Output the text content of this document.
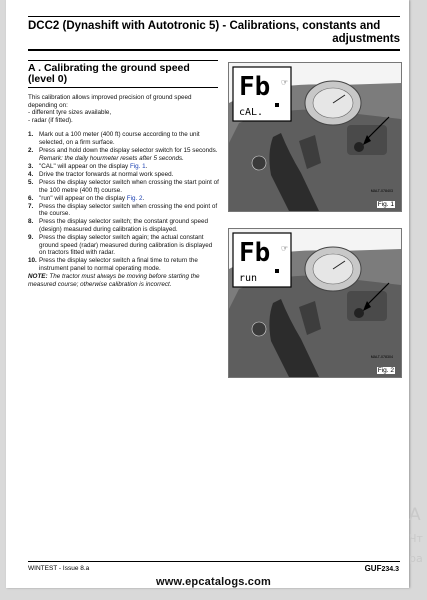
DCC2 (Dynashift with Autotronic 5) - Calibrations, constants and
adjustments
A . Calibrating the ground speed
(level 0)

This calibration allows improved precision of ground speed depending on:

- different tyre sizes available,

- radar (if fitted).

1. Mark out a 100 meter (400 ft) course according to the unit selected, on a firm surface.
2. Press and hold down the display selector switch for 15 seconds.
Remark: the daily hourmeter resets after 5 seconds.
3. "CAL" will appear on the display Fig. 1.
4. Drive the tractor forwards at normal work speed.
5. Press the display selector switch when crossing the start point of the 100 metre (400 ft) course.
6. "run" will appear on the display Fig. 2.
7. Press the display selector switch when crossing the end point of the course.
8. Press the display selector switch; the constant ground speed (design) measured during calibration is displayed.
9. Press the display selector switch again; the actual constant ground speed (radar) measured during calibration is displayed on tractors fitted with radar.
10. Press the display selector switch a final time to return the instrument panel to normal operating mode.

NOTE: The tractor must always be moving before starting the measured course; otherwise calibration is incorrect.

Fb
cAL.
☞
MALT-078403
Fig. 1
Fb
run
☞
MALT-078304
Fig. 2
WINTEST - Issue 8.a	GUF234.3
www.epcatalogs.com
A
Чт
ра
